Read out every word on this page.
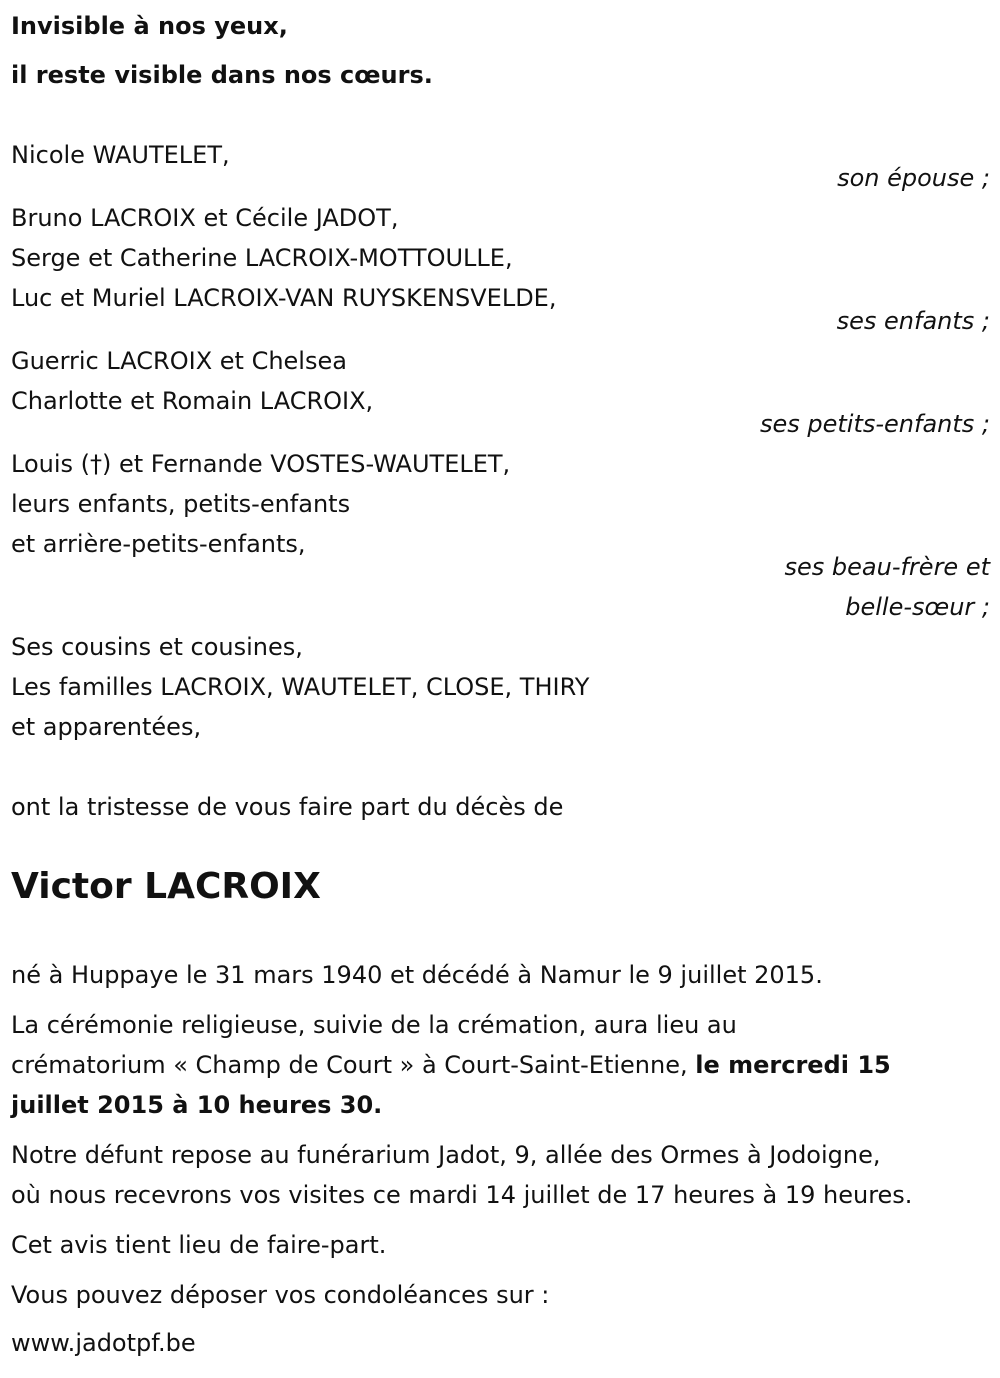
Invisible à nos yeux,
il reste visible dans nos cœurs.
Nicole WAUTELET,
son épouse ;
Bruno LACROIX et Cécile JADOT,
Serge et Catherine LACROIX-MOTTOULLE,
Luc et Muriel LACROIX-VAN RUYSKENSVELDE,
ses enfants ;
Guerric LACROIX et Chelsea
Charlotte et Romain LACROIX,
ses petits-enfants ;
Louis (†) et Fernande VOSTES-WAUTELET,
leurs enfants, petits-enfants
et arrière-petits-enfants,
ses beau-frère et
belle-sœur ;
Ses cousins et cousines,
Les familles LACROIX, WAUTELET, CLOSE, THIRY
et apparentées,
ont la tristesse de vous faire part du décès de
Victor LACROIX
né à Huppaye le 31 mars 1940 et décédé à Namur le 9 juillet 2015.
La cérémonie religieuse, suivie de la crémation, aura lieu au
crématorium « Champ de Court » à Court-Saint-Etienne, le mercredi 15
juillet 2015 à 10 heures 30.
Notre défunt repose au funérarium Jadot, 9, allée des Ormes à Jodoigne,
où nous recevrons vos visites ce mardi 14 juillet de 17 heures à 19 heures.
Cet avis tient lieu de faire-part.
Vous pouvez déposer vos condoléances sur :
www.jadotpf.be
